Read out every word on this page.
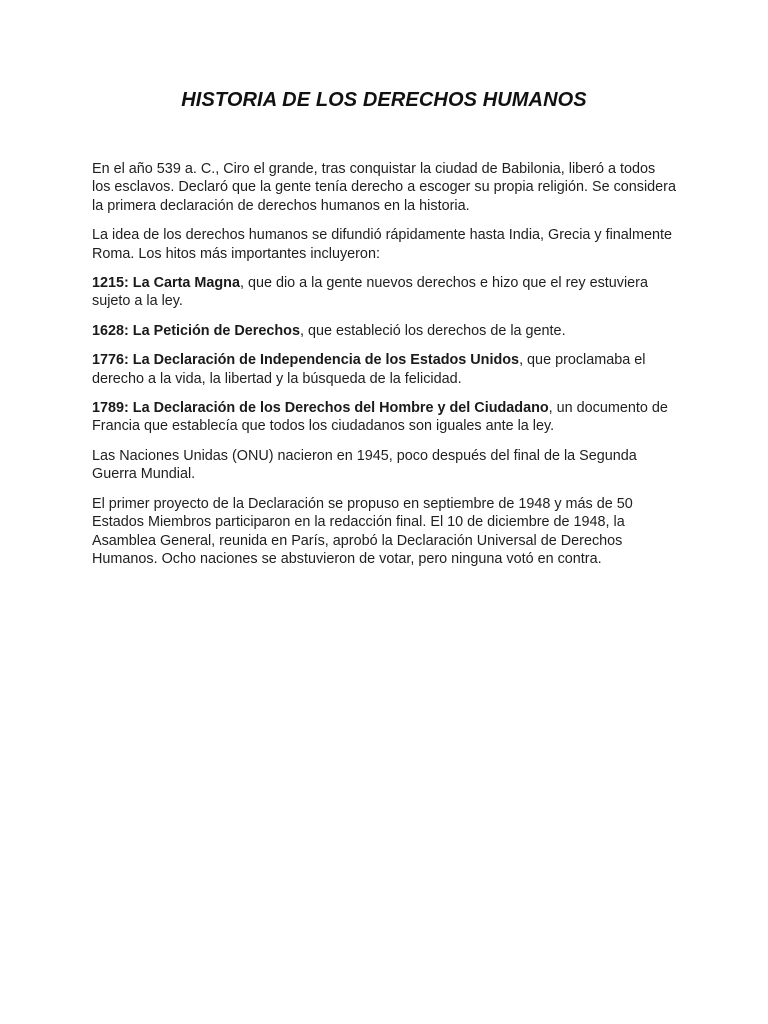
HISTORIA DE LOS DERECHOS HUMANOS

En el año 539 a. C., Ciro el grande, tras conquistar la ciudad de Babilonia, liberó a todos los esclavos. Declaró que la gente tenía derecho a escoger su propia religión. Se considera la primera declaración de derechos humanos en la historia.

La idea de los derechos humanos se difundió rápidamente hasta India, Grecia y finalmente Roma. Los hitos más importantes incluyeron:

1215: La Carta Magna, que dio a la gente nuevos derechos e hizo que el rey estuviera sujeto a la ley.

1628: La Petición de Derechos, que estableció los derechos de la gente.

1776: La Declaración de Independencia de los Estados Unidos, que proclamaba el derecho a la vida, la libertad y la búsqueda de la felicidad.

1789: La Declaración de los Derechos del Hombre y del Ciudadano, un documento de Francia que establecía que todos los ciudadanos son iguales ante la ley.

Las Naciones Unidas (ONU) nacieron en 1945, poco después del final de la Segunda Guerra Mundial.

El primer proyecto de la Declaración se propuso en septiembre de 1948 y más de 50 Estados Miembros participaron en la redacción final. El 10 de diciembre de 1948, la Asamblea General, reunida en París, aprobó la Declaración Universal de Derechos Humanos. Ocho naciones se abstuvieron de votar, pero ninguna votó en contra.
